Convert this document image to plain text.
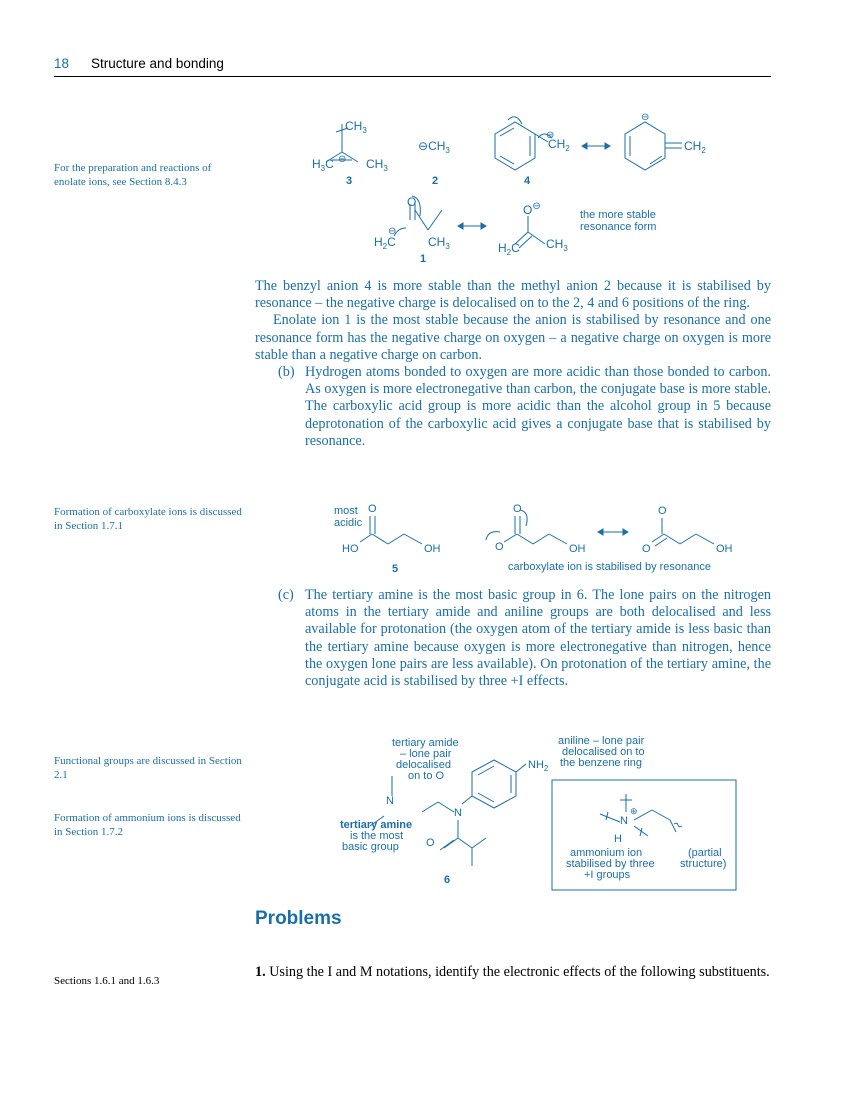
18 Structure and bonding
For the preparation and reactions of enolate ions, see Section 8.4.3
Formation of carboxylate ions is discussed in Section 1.7.1
Functional groups are discussed in Section 2.1
Formation of ammonium ions is discussed in Section 1.7.2
Sections 1.6.1 and 1.6.3
$CH_3$
$H_3C$ ⊖ $CH_3$
3
$⊖CH_3$
2
$CH_2$
⊖
4
⊖
$CH_2$
O
$H_2C$
⊖
$CH_3$
1
O⊖
$H_2C$ $CH_3$
the more stable
resonance form

The benzyl anion 4 is more stable than the methyl anion 2 because it is stabilised by resonance – the negative charge is delocalised on to the 2, 4 and 6 positions of the ring.

Enolate ion 1 is the most stable because the anion is stabilised by resonance and one resonance form has the negative charge on oxygen – a negative charge on oxygen is more stable than a negative charge on carbon.

(b) Hydrogen atoms bonded to oxygen are more acidic than those bonded to carbon. As oxygen is more electronegative than carbon, the conjugate base is more stable. The carboxylic acid group is more acidic than the alcohol group in 5 because deprotonation of the carboxylic acid gives a conjugate base that is stabilised by resonance.

most
acidic
O
HO	OH
5
O
O	OH
O
O	OH
carboxylate ion is stabilised by resonance

(c) The tertiary amine is the most basic group in 6. The lone pairs on the nitrogen atoms in the tertiary amide and aniline groups are both delocalised and less available for protonation (the oxygen atom of the tertiary amide is less basic than the tertiary amine because oxygen is more electronegative than nitrogen, hence the oxygen lone pairs are less available). On protonation of the tertiary amine, the conjugate acid is stabilised by three +I effects.

tertiary amide
– lone pair
delocalised
on to O
$NH_2$
aniline – lone pair
delocalised on to
the benzene ring
N
N
O
tertiary amine
is the most
basic group
6
N
⊕
H
ammonium ion
stabilised by three
+I groups
(partial
structure)
Problems
1. Using the I and M notations, identify the electronic effects of the following substituents.
